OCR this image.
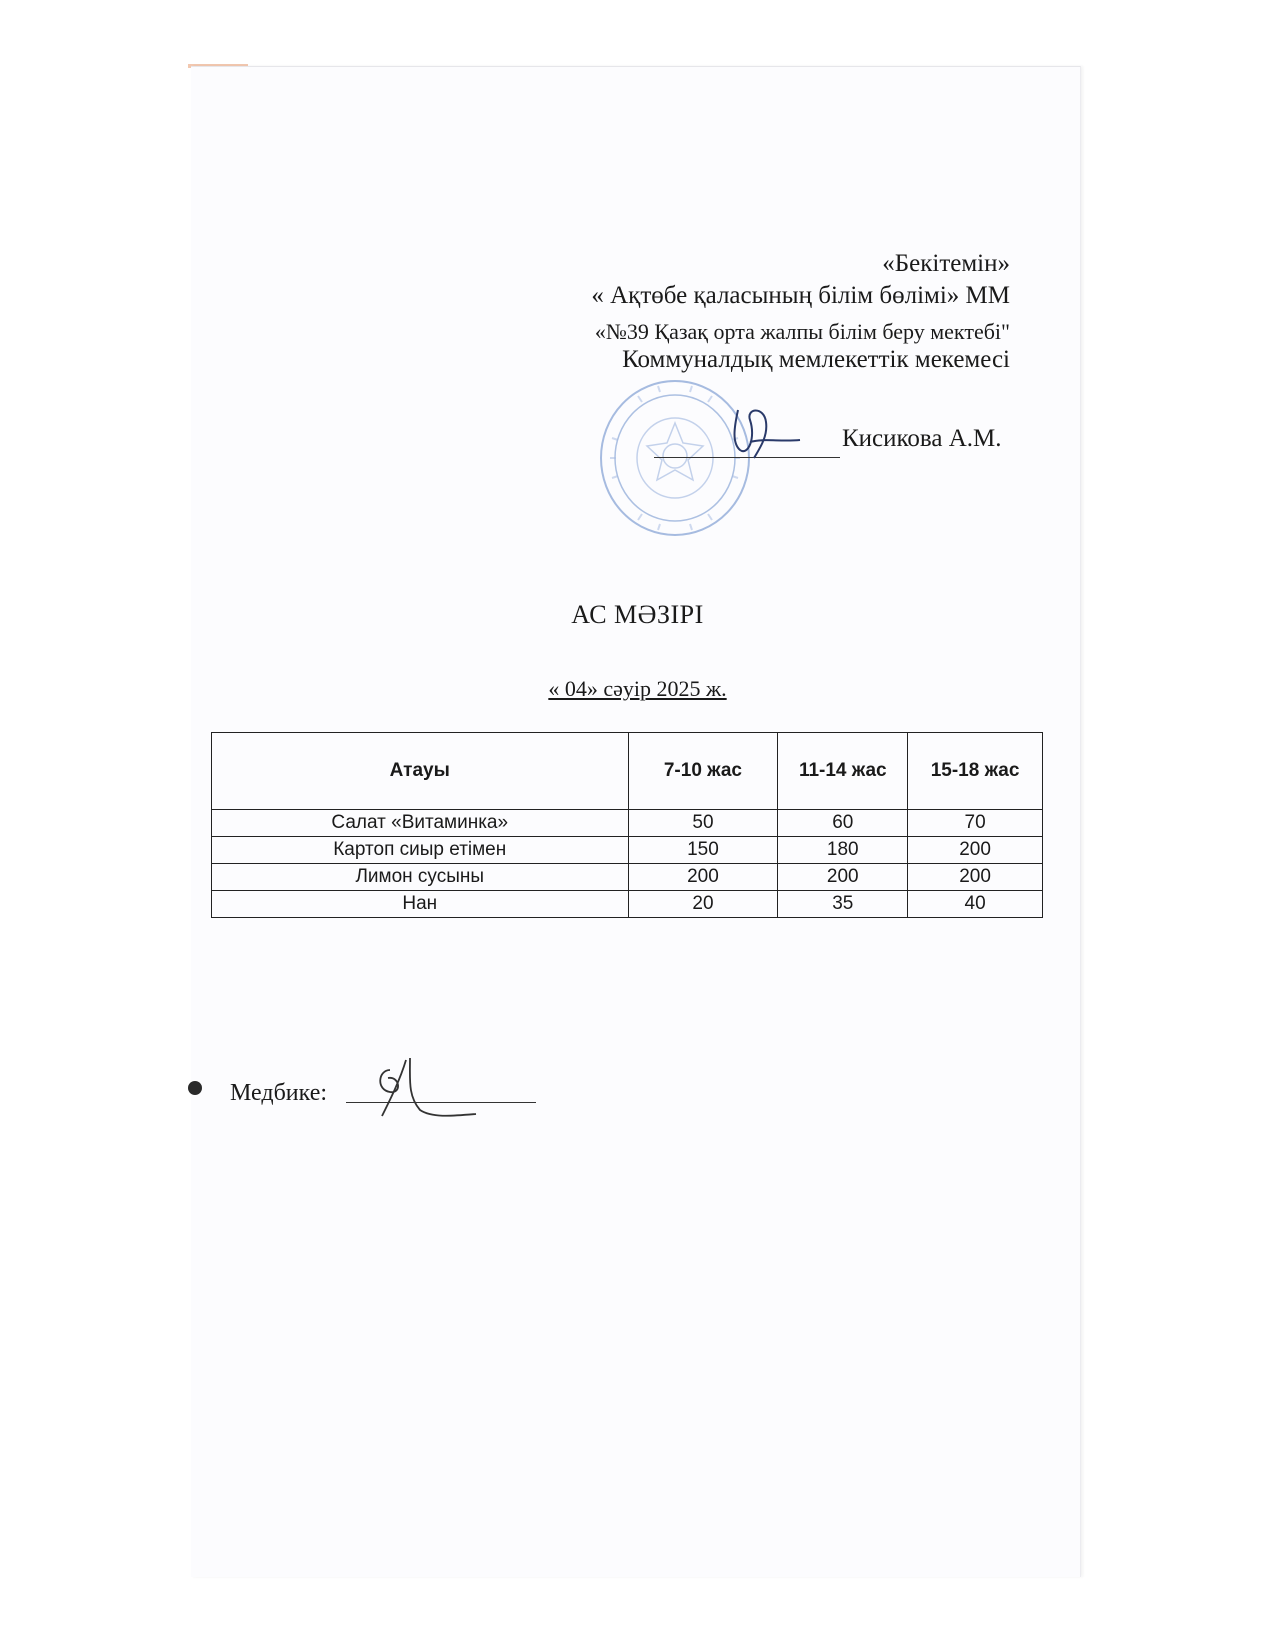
«Бекітемін»
« Ақтөбе қаласының білім бөлімі» ММ
«№39 Қазақ орта жалпы білім беру мектебі"
Коммуналдық мемлекеттік мекемесі
Кисикова А.М.
АС МӘЗІРІ
« 04» сәуір 2025 ж.
Атауы	7-10 жас	11-14 жас	15-18 жас
Салат «Витаминка»	50	60	70
Картоп сиыр етімен	150	180	200
Лимон сусыны	200	200	200
Нан	20	35	40
Медбике:
